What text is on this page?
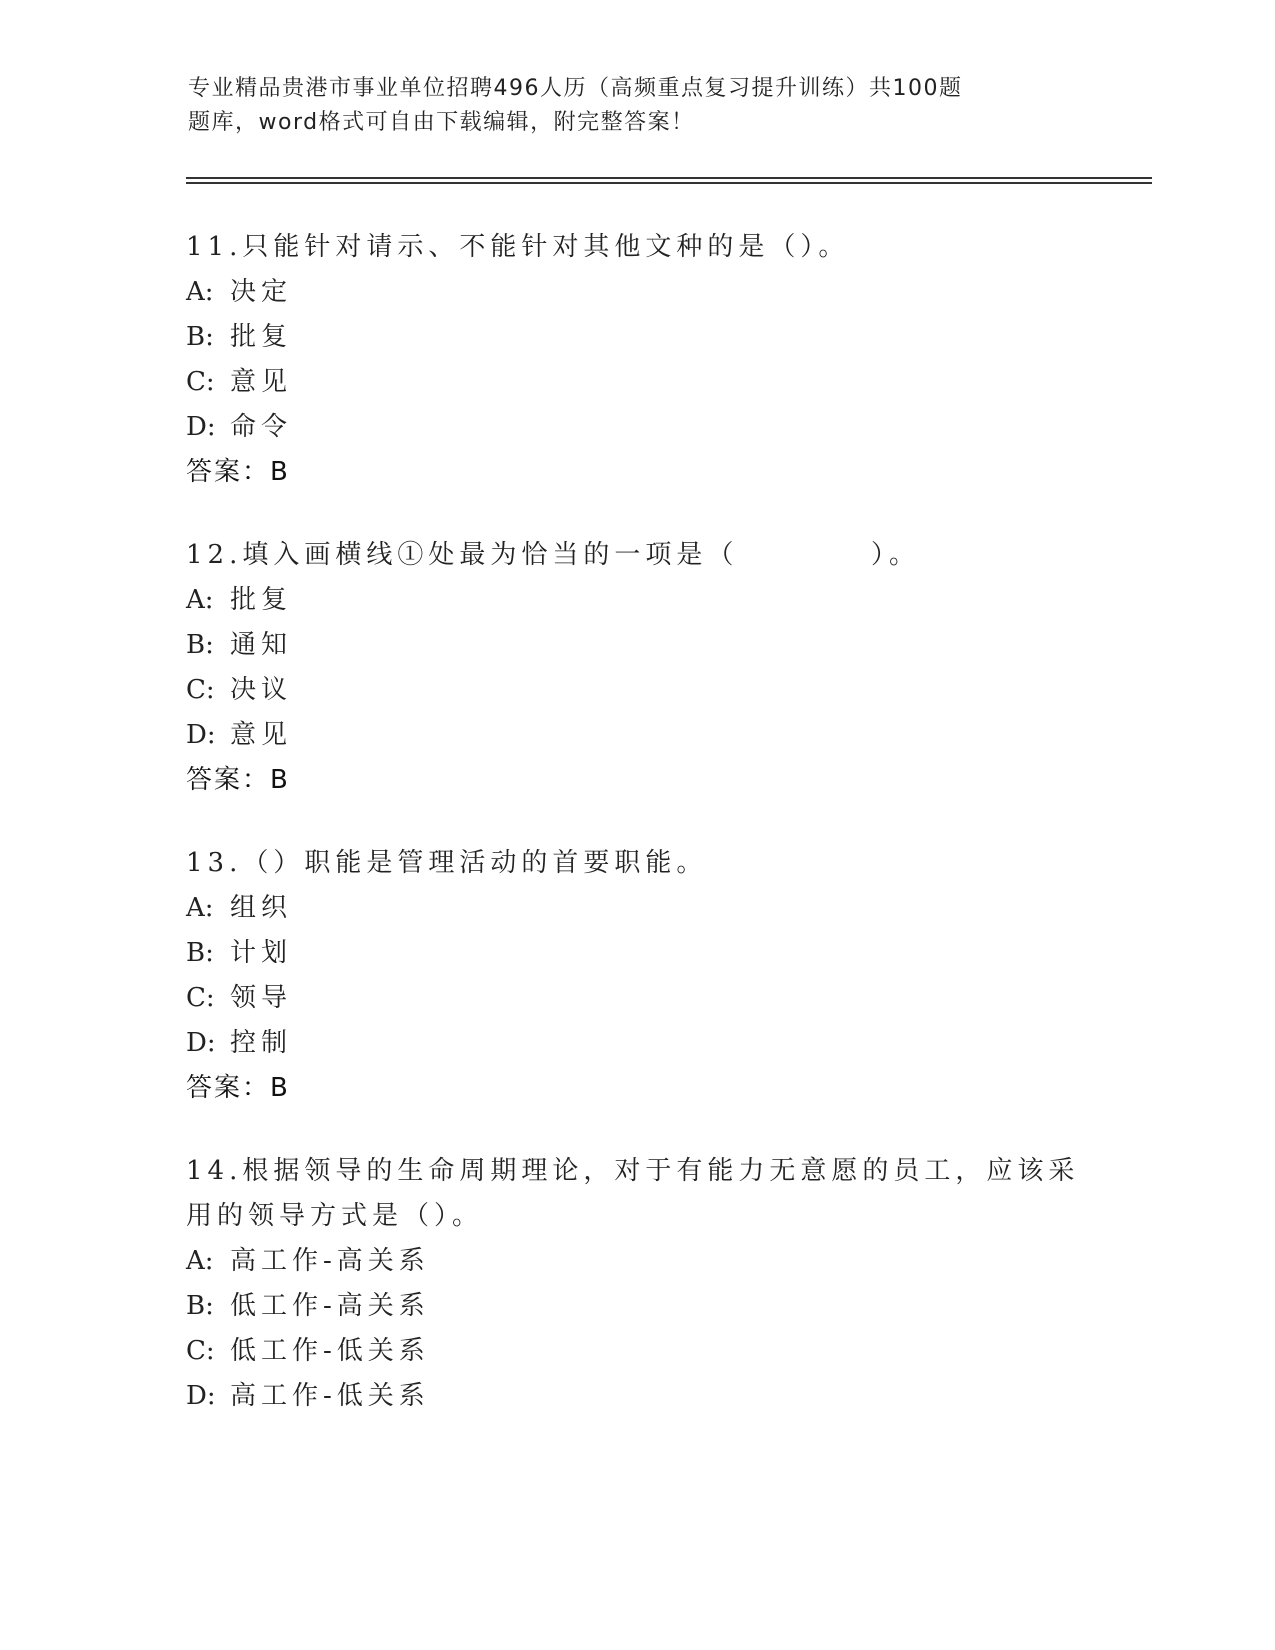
专业精品贵港市事业单位招聘496人历（高频重点复习提升训练）共100题
题库，word格式可自由下载编辑，附完整答案！
11.只能针对请示、不能针对其他文种的是（）。
A: 决定
B: 批复
C: 意见
D: 命令
答案：B
12.填入画横线①处最为恰当的一项是（          ）。
A: 批复
B: 通知
C: 决议
D: 意见
答案：B
13.（）职能是管理活动的首要职能。
A: 组织
B: 计划
C: 领导
D: 控制
答案：B
14.根据领导的生命周期理论，对于有能力无意愿的员工，应该采用的领导方式是（）。
A: 高工作-高关系
B: 低工作-高关系
C: 低工作-低关系
D: 高工作-低关系
